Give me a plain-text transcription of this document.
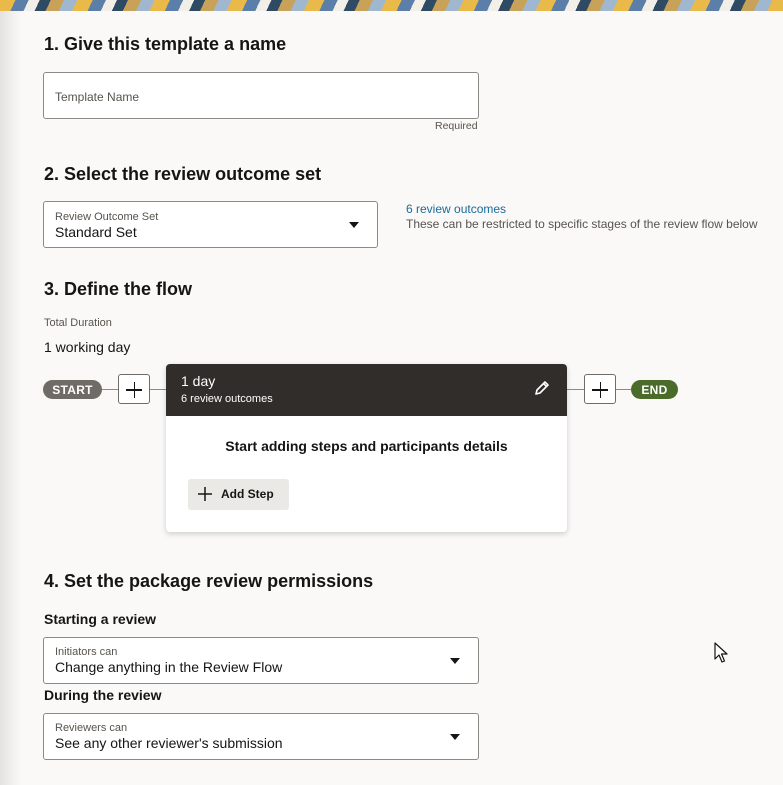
1. Give this template a name
Template Name
Required
2. Select the review outcome set
Review Outcome Set
Standard Set
6 review outcomes
These can be restricted to specific stages of the review flow below
3. Define the flow
Total Duration
1 working day
START
1 day
6 review outcomes
Start adding steps and participants details
Add Step
END
4. Set the package review permissions
Starting a review
Initiators can
Change anything in the Review Flow
During the review
Reviewers can
See any other reviewer's submission
